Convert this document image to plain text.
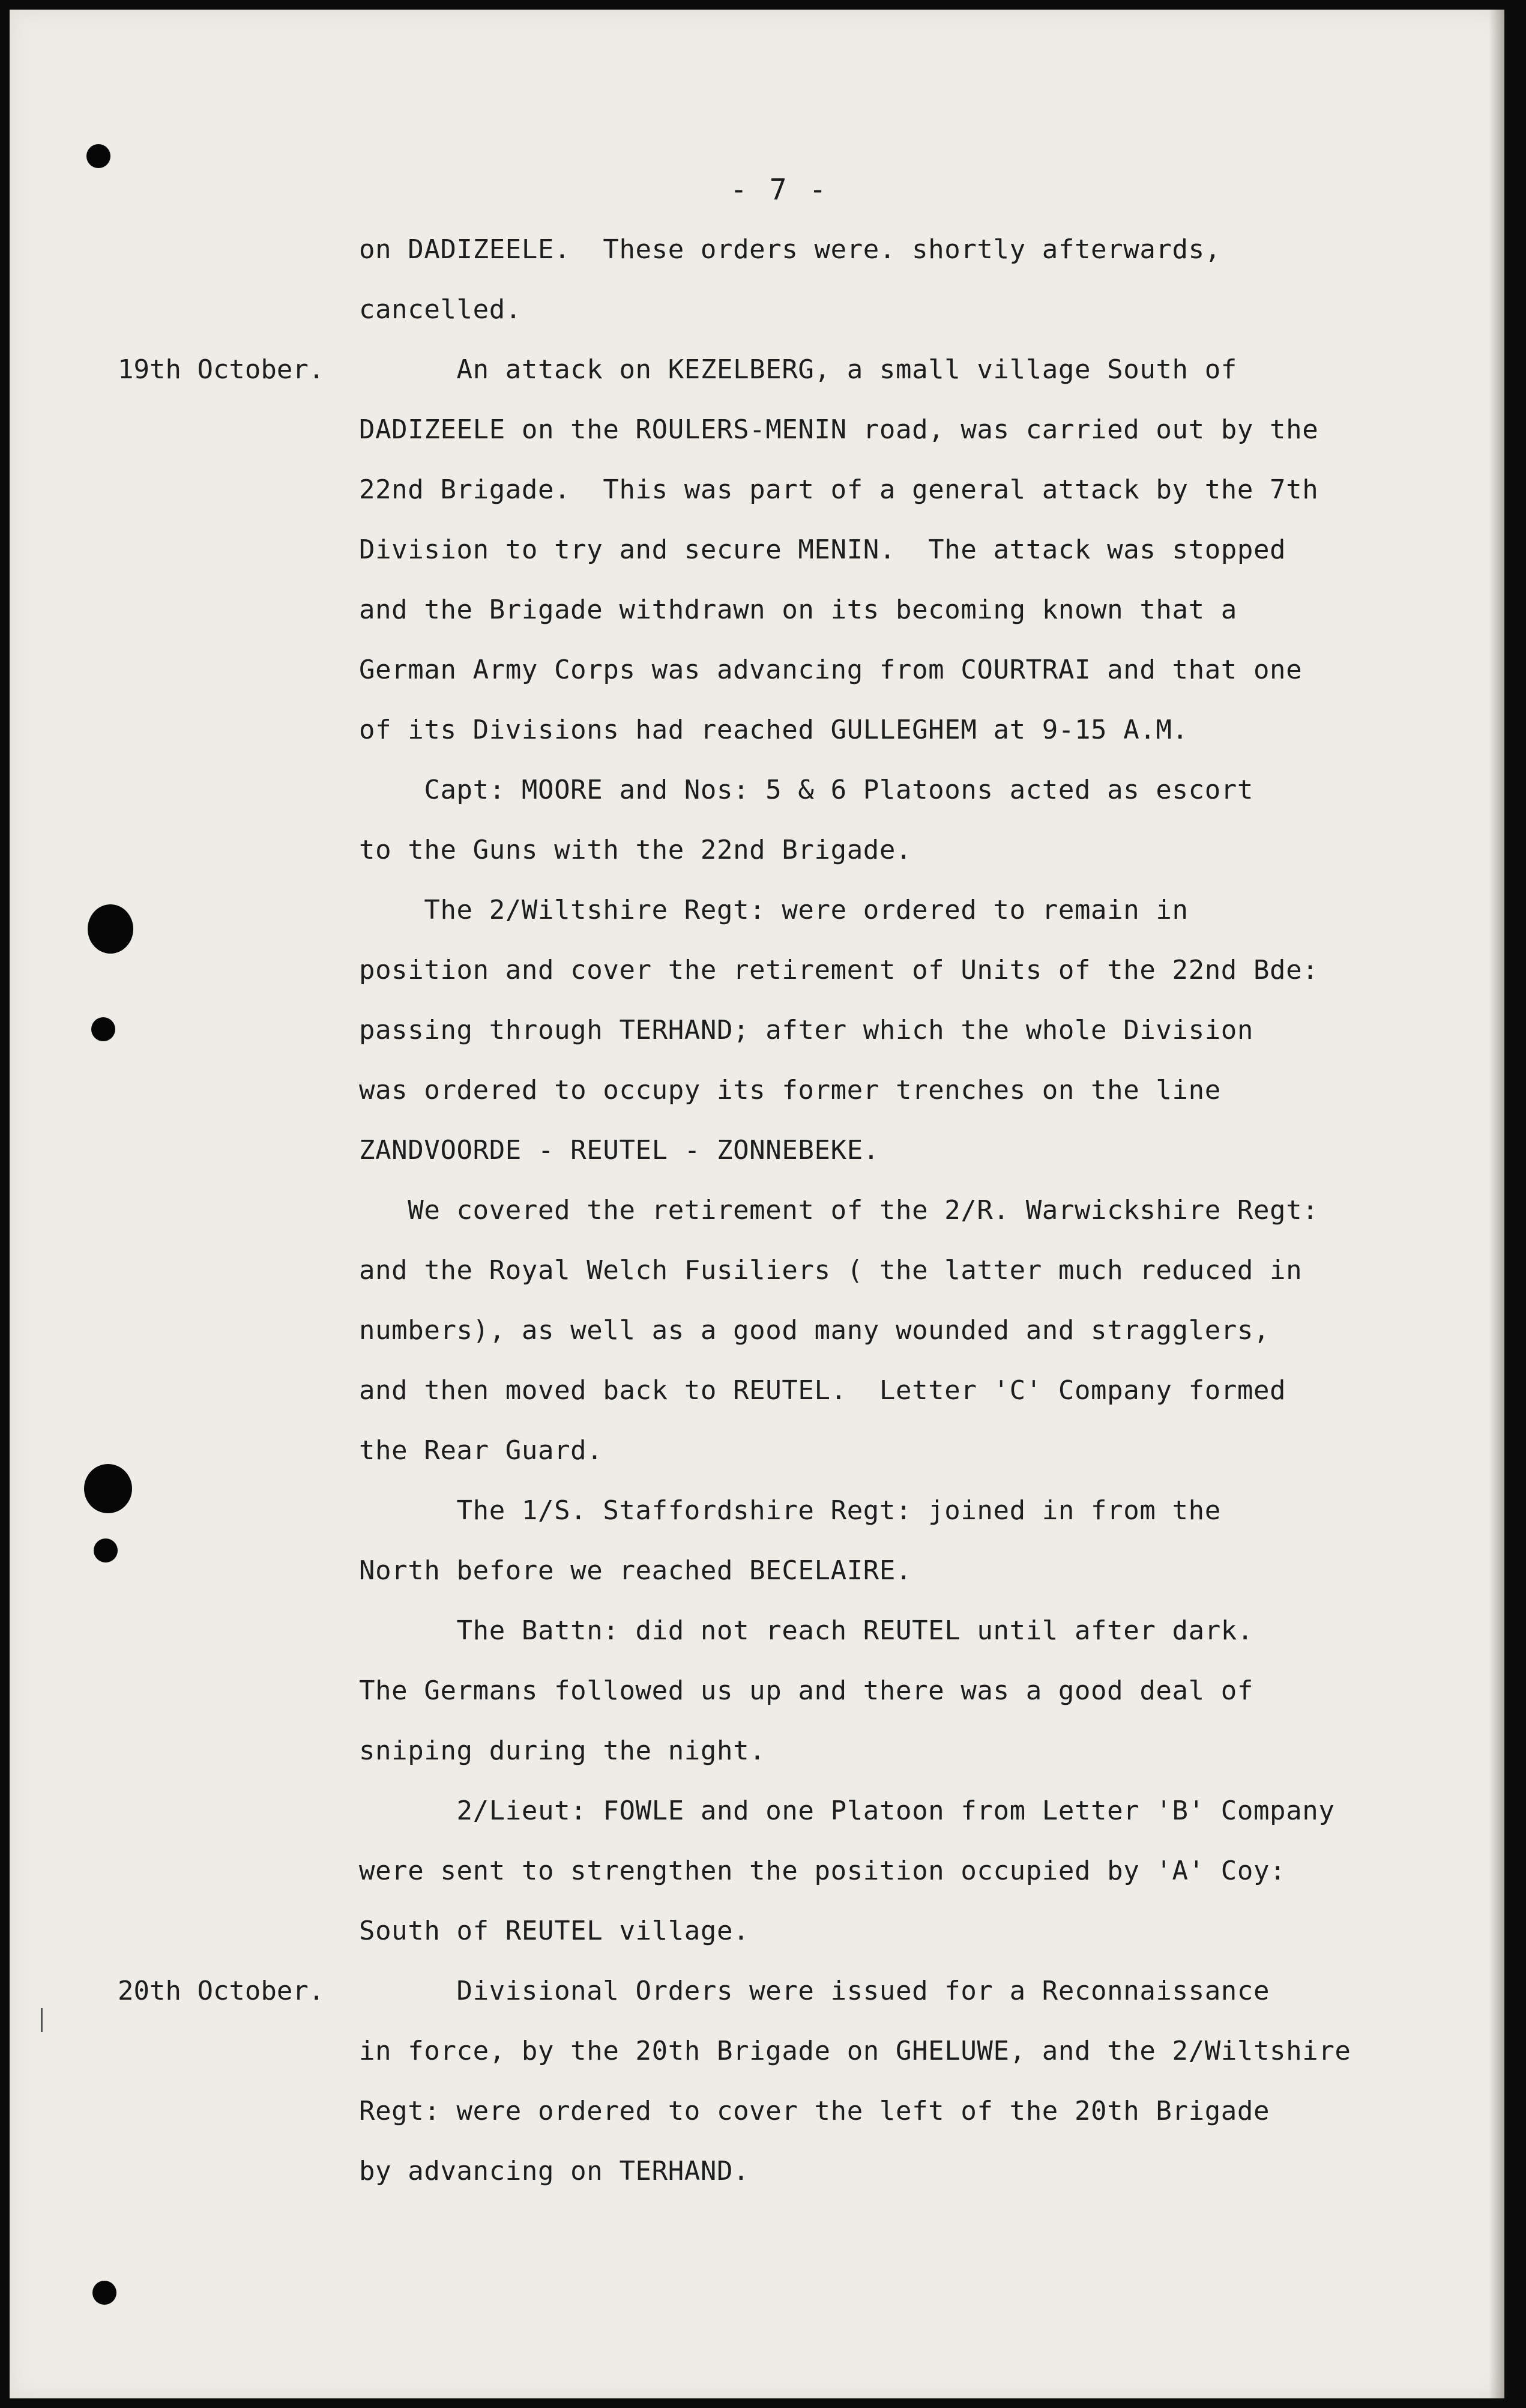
- 7 -
on DADIZEELE.  These orders were. shortly afterwards,
cancelled.
19th October. An attack on KEZELBERG, a small village South of
DADIZEELE on the ROULERS-MENIN road, was carried out by the
22nd Brigade.  This was part of a general attack by the 7th
Division to try and secure MENIN.  The attack was stopped
and the Brigade withdrawn on its becoming known that a
German Army Corps was advancing from COURTRAI and that one
of its Divisions had reached GULLEGHEM at 9-15 A.M.
Capt: MOORE and Nos: 5 & 6 Platoons acted as escort
to the Guns with the 22nd Brigade.
The 2/Wiltshire Regt: were ordered to remain in
position and cover the retirement of Units of the 22nd Bde:
passing through TERHAND; after which the whole Division
was ordered to occupy its former trenches on the line
ZANDVOORDE - REUTEL - ZONNEBEKE.
We covered the retirement of the 2/R. Warwickshire Regt:
and the Royal Welch Fusiliers ( the latter much reduced in
numbers), as well as a good many wounded and stragglers,
and then moved back to REUTEL.  Letter 'C' Company formed
the Rear Guard.
The 1/S. Staffordshire Regt: joined in from the
North before we reached BECELAIRE.
The Battn: did not reach REUTEL until after dark.
The Germans followed us up and there was a good deal of
sniping during the night.
2/Lieut: FOWLE and one Platoon from Letter 'B' Company
were sent to strengthen the position occupied by 'A' Coy:
South of REUTEL village.
20th October. Divisional Orders were issued for a Reconnaissance
in force, by the 20th Brigade on GHELUWE, and the 2/Wiltshire
Regt: were ordered to cover the left of the 20th Brigade
by advancing on TERHAND.
